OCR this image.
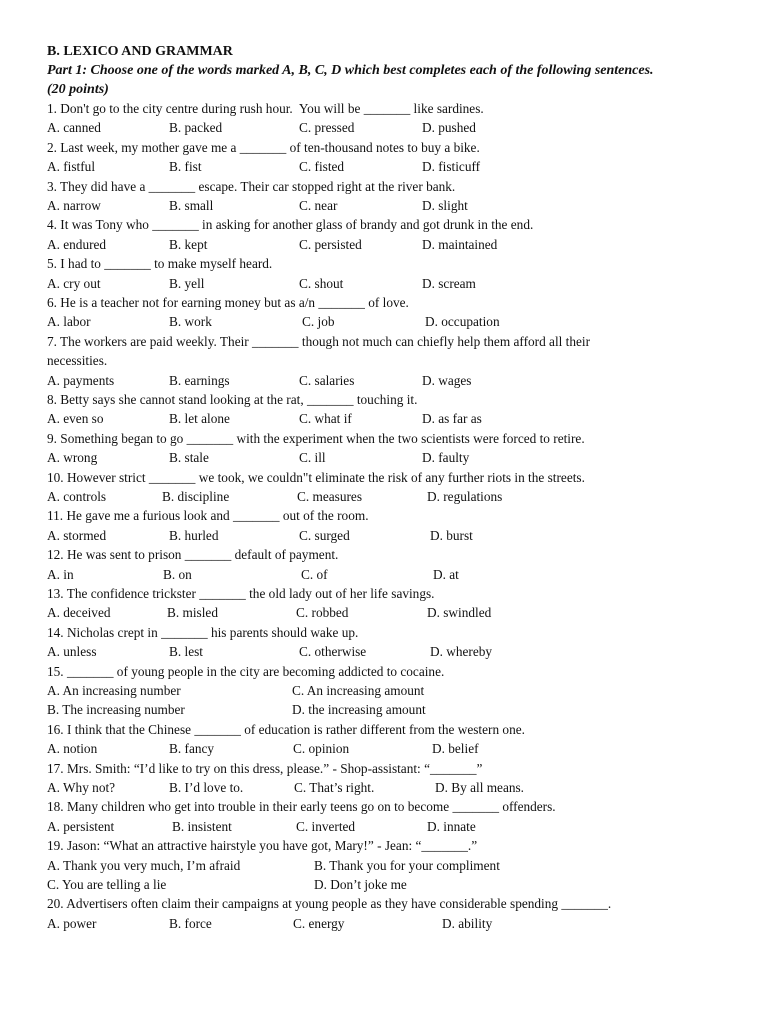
B. LEXICO AND GRAMMAR

Part 1: Choose one of the words marked A, B, C, D which best completes each of the following sentences.

(20 points)

1. Don't go to the city centre during rush hour.  You will be _______ like sardines.

A. canned	B. packed	C. pressed	D. pushed

2. Last week, my mother gave me a _______ of ten-thousand notes to buy a bike.

A. fistful	B. fist	C. fisted	D. fisticuff

3. They did have a _______ escape. Their car stopped right at the river bank.

A. narrow	B. small	C. near	D. slight

4. It was Tony who _______ in asking for another glass of brandy and got drunk in the end.

A. endured	B. kept	C. persisted	D. maintained

5. I had to _______ to make myself heard.

A. cry out	B. yell	C. shout	D. scream

6. He is a teacher not for earning money but as a/n _______ of love.

A. labor	B. work	C. job	D. occupation

7. The workers are paid weekly. Their _______ though not much can chiefly help them afford all their
necessities.

A. payments	B. earnings	C. salaries	D. wages

8. Betty says she cannot stand looking at the rat, _______ touching it.

A. even so	B. let alone	C. what if	D. as far as

9. Something began to go _______ with the experiment when the two scientists were forced to retire.

A. wrong	B. stale	C. ill	D. faulty

10. However strict _______ we took, we couldn"t eliminate the risk of any further riots in the streets.

A. controls	B. discipline	C. measures	D. regulations

11. He gave me a furious look and _______ out of the room.

A. stormed	B. hurled	C. surged	D. burst

12. He was sent to prison _______ default of payment.

A. in	B. on	C. of	D. at

13. The confidence trickster _______ the old lady out of her life savings.

A. deceived	B. misled	C. robbed	D. swindled

14. Nicholas crept in _______ his parents should wake up.

A. unless	B. lest	C. otherwise	D. whereby

15. _______ of young people in the city are becoming addicted to cocaine.

A. An increasing number	C. An increasing amount
B. The increasing number	D. the increasing amount

16. I think that the Chinese _______ of education is rather different from the western one.

A. notion	B. fancy	C. opinion	D. belief

17. Mrs. Smith: “I’d like to try on this dress, please.” - Shop-assistant: “_______”

A. Why not?	B. I’d love to.	C. That’s right.	D. By all means.

18. Many children who get into trouble in their early teens go on to become _______ offenders.

A. persistent	B. insistent	C. inverted	D. innate

19. Jason: “What an attractive hairstyle you have got, Mary!” - Jean: “_______.”

A. Thank you very much, I’m afraid	B. Thank you for your compliment
C. You are telling a lie	D. Don’t joke me

20. Advertisers often claim their campaigns at young people as they have considerable spending _______.

A. power	B. force	C. energy	D. ability
